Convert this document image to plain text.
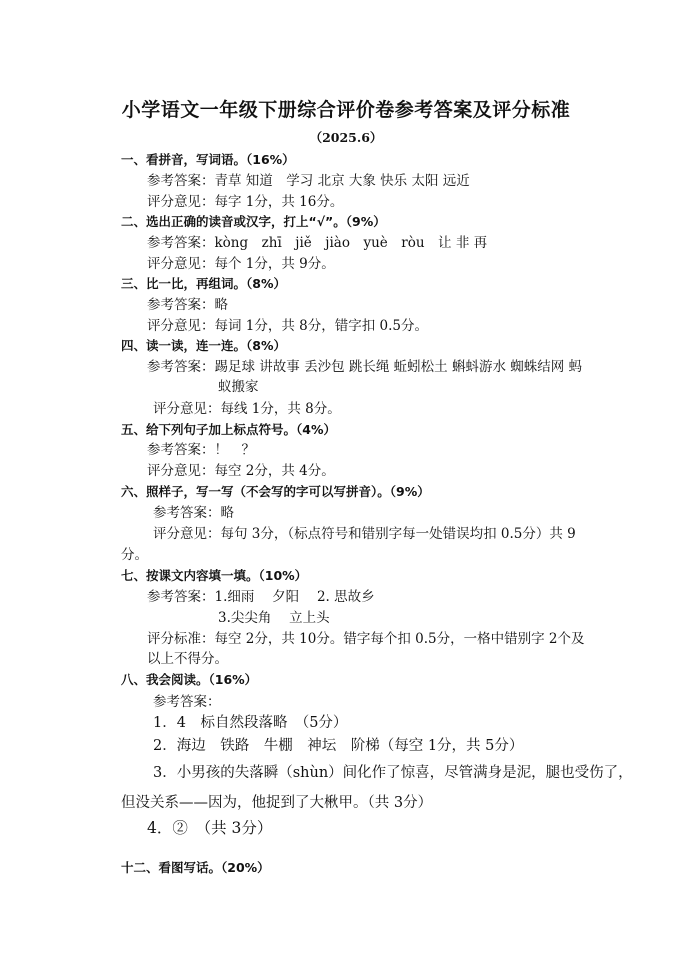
小学语文一年级下册综合评价卷参考答案及评分标准
（2025.6）
一、看拼音，写词语。（16%）
参考答案：青草 知道　学习 北京 大象 快乐 太阳 远近
评分意见：每字 1分，共 16分。
二、选出正确的读音或汉字，打上“√”。（9%）
参考答案：kòng　zhī　jiě　jiào　yuè　ròu　让 非 再
评分意见：每个 1分，共 9分。
三、比一比，再组词。（8%）
参考答案：略
评分意见：每词 1分，共 8分，错字扣 0.5分。
四、读一读，连一连。（8%）
参考答案：踢足球 讲故事 丢沙包 跳长绳 蚯蚓松土 蝌蚪游水 蜘蛛结网 蚂
蚁搬家
评分意见：每线 1分，共 8分。
五、给下列句子加上标点符号。（4%）
参考答案：！　？
评分意见：每空 2分，共 4分。
六、照样子，写一写（不会写的字可以写拼音）。（9%）
参考答案：略
评分意见：每句 3分，（标点符号和错别字每一处错误均扣 0.5分）共 9
分。
七、按课文内容填一填。（10%）
参考答案：1.细雨　 夕阳　 2. 思故乡
3.尖尖角　 立上头
评分标准：每空 2分，共 10分。错字每个扣 0.5分，一格中错别字 2个及
以上不得分。
八、我会阅读。（16%）
参考答案：
1．4　标自然段落略　（5分）
2．海边　铁路　牛棚　神坛　阶梯（每空 1分，共 5分）
3．小男孩的失落瞬（shùn）间化作了惊喜，尽管满身是泥，腿也受伤了，
但没关系——因为，他捉到了大楸甲。（共 3分）
4．②　（共 3分）
十二、看图写话。（20%）
